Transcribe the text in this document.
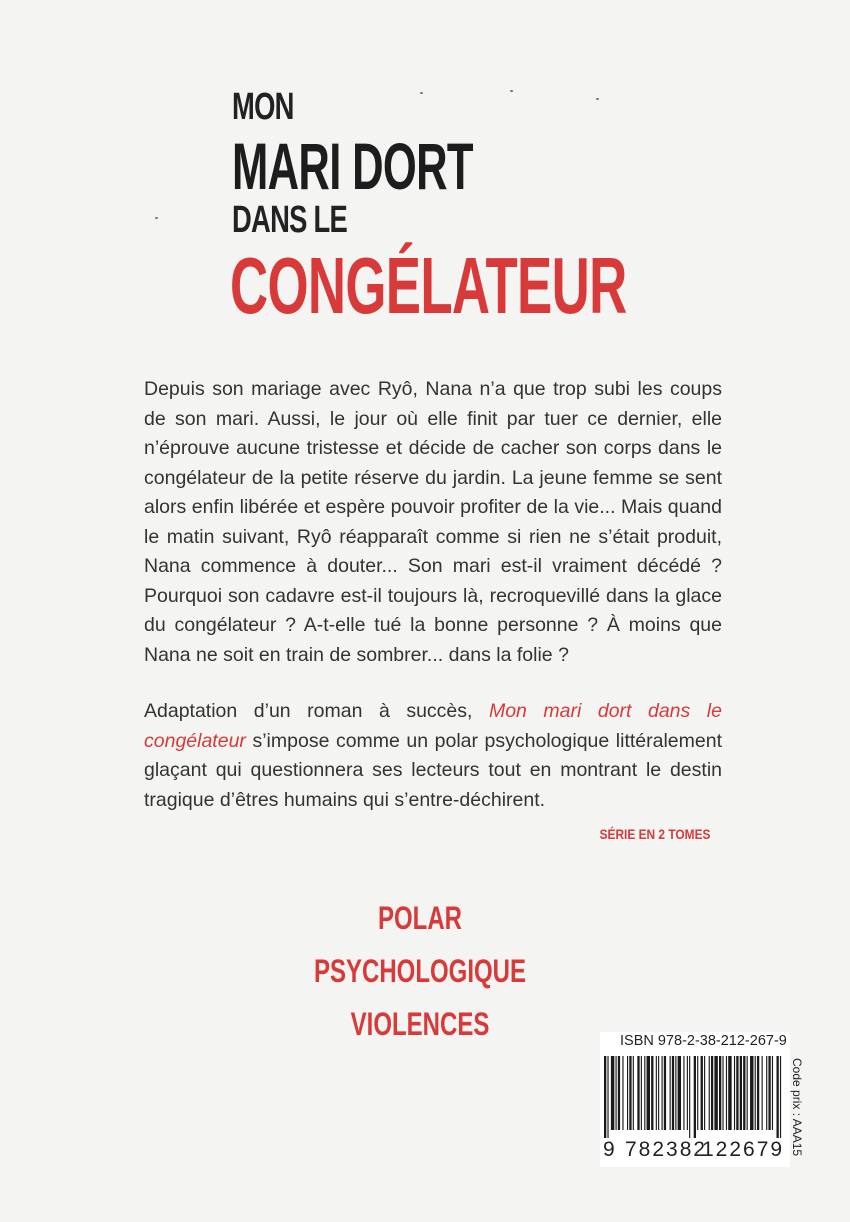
MON
MARI DORT
DANS LE
CONGÉLATEUR

Depuis son mariage avec Ryô, Nana n’a que trop subi les coups de son mari. Aussi, le jour où elle finit par tuer ce dernier, elle n’éprouve aucune tristesse et décide de cacher son corps dans le congélateur de la petite réserve du jardin. La jeune femme se sent alors enfin libérée et espère pouvoir profiter de la vie... Mais quand le matin suivant, Ryô réapparaît comme si rien ne s’était produit, Nana commence à douter... Son mari est-il vraiment décédé ? Pourquoi son cadavre est-il toujours là, recroquevillé dans la glace du congélateur ? A-t-elle tué la bonne personne ? À moins que Nana ne soit en train de sombrer... dans la folie ?

Adaptation d’un roman à succès, Mon mari dort dans le congélateur s’impose comme un polar psychologique littéralement glaçant qui questionnera ses lecteurs tout en montrant le destin tragique d’êtres humains qui s’entre-déchirent.

SÉRIE EN 2 TOMES
POLAR
PSYCHOLOGIQUE
VIOLENCES	ISBN 978-2-38-212-267-9
9 782382
122679 Code prix : AAA15
